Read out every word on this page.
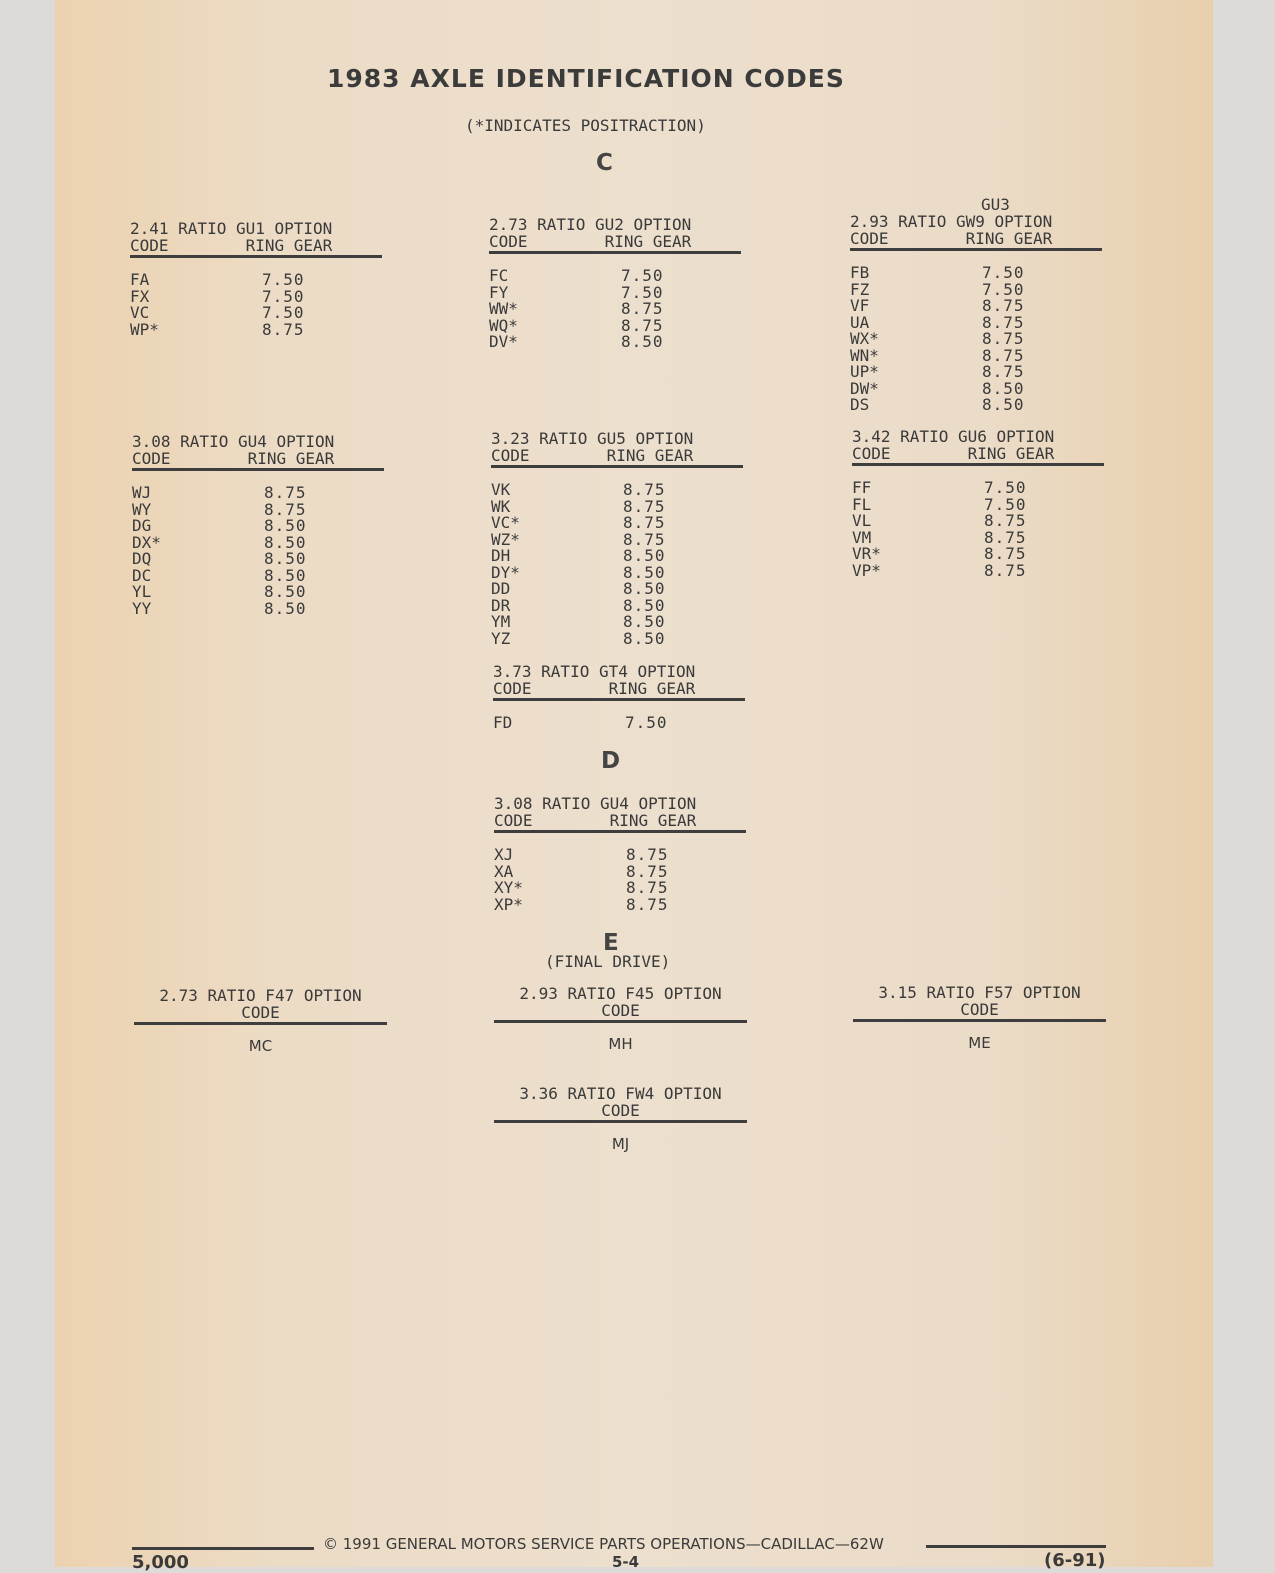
1983 AXLE IDENTIFICATION CODES
(*INDICATES POSITRACTION)
C
2.41 RATIO GU1 OPTION
CODE        RING GEAR
FA	7.50
FX	7.50
VC	7.50
WP*	8.75
2.73 RATIO GU2 OPTION
CODE        RING GEAR
FC	7.50
FY	7.50
WW*	8.75
WQ*	8.75
DV*	8.50
GU3
2.93 RATIO GW9 OPTION
CODE        RING GEAR
FB	7.50
FZ	7.50
VF	8.75
UA	8.75
WX*	8.75
WN*	8.75
UP*	8.75
DW*	8.50
DS	8.50
3.08 RATIO GU4 OPTION
CODE        RING GEAR
WJ	8.75
WY	8.75
DG	8.50
DX*	8.50
DQ	8.50
DC	8.50
YL	8.50
YY	8.50
3.23 RATIO GU5 OPTION
CODE        RING GEAR
VK	8.75
WK	8.75
VC*	8.75
WZ*	8.75
DH	8.50
DY*	8.50
DD	8.50
DR	8.50
YM	8.50
YZ	8.50
3.42 RATIO GU6 OPTION
CODE        RING GEAR
FF	7.50
FL	7.50
VL	8.75
VM	8.75
VR*	8.75
VP*	8.75
3.73 RATIO GT4 OPTION
CODE        RING GEAR
FD	7.50
D
3.08 RATIO GU4 OPTION
CODE        RING GEAR
XJ	8.75
XA	8.75
XY*	8.75
XP*	8.75
E
(FINAL DRIVE)
2.73 RATIO F47 OPTION
CODE
MC
2.93 RATIO F45 OPTION
CODE
MH
3.15 RATIO F57 OPTION
CODE
ME
3.36 RATIO FW4 OPTION
CODE
MJ
© 1991 GENERAL MOTORS SERVICE PARTS OPERATIONS—CADILLAC—62W
5,000	5-4	(6-91)
